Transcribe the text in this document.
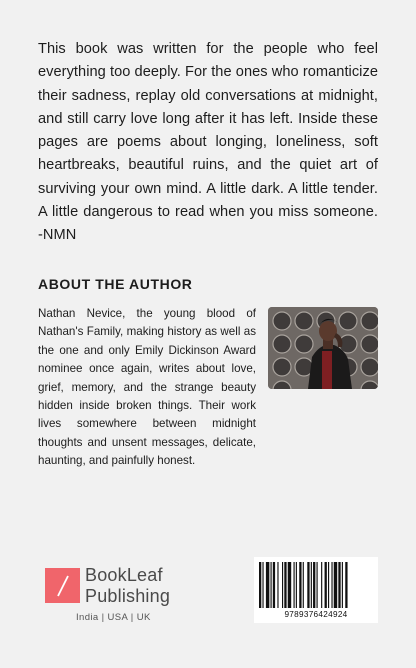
This book was written for the people who feel everything too deeply. For the ones who romanticize their sadness, replay old conversations at midnight, and still carry love long after it has left. Inside these pages are poems about longing, loneliness, soft heartbreaks, beautiful ruins, and the quiet art of surviving your own mind. A little dark. A little tender. A little dangerous to read when you miss someone. -NMN

ABOUT THE AUTHOR

Nathan Nevice, the young blood of Nathan's Family, making history as well as the one and only Emily Dickinson Award nominee once again, writes about love, grief, memory, and the strange beauty hidden inside broken things. Their work lives somewhere between midnight thoughts and unsent messages, delicate, haunting, and painfully honest.

BookLeaf
Publishing
India | USA | UK	9789376424924
